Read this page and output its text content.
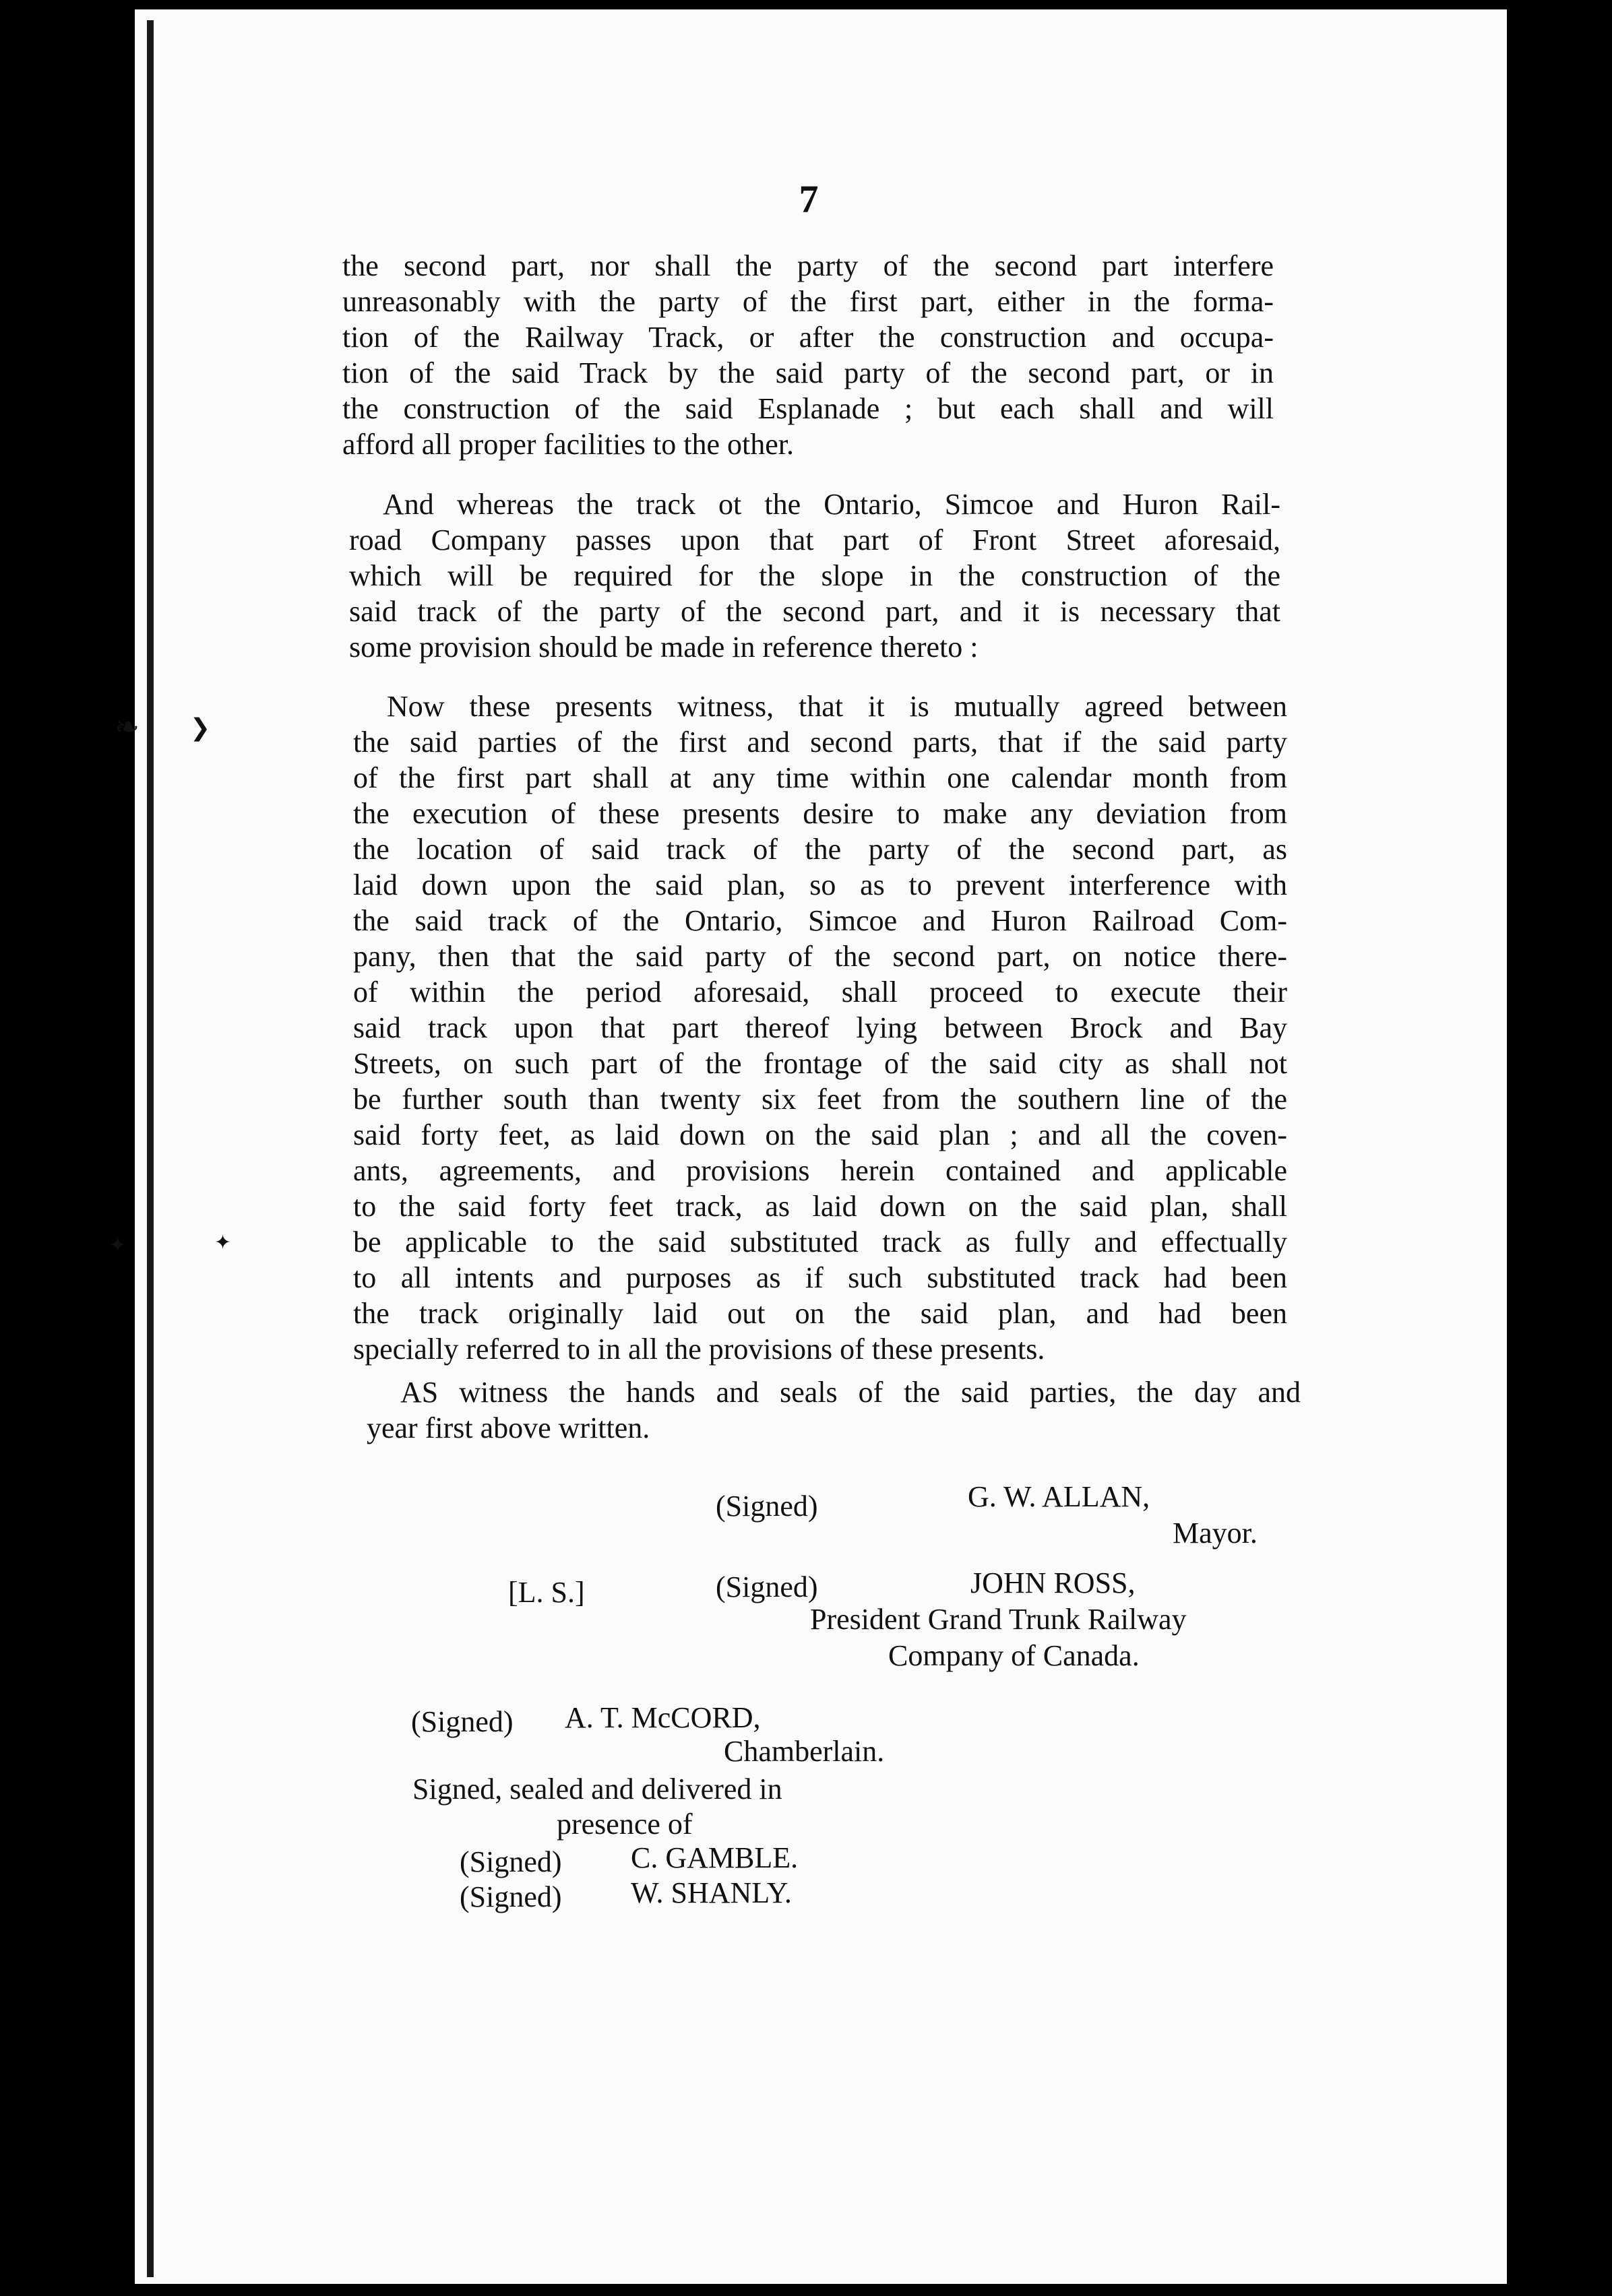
❧ ❯
✦	✦
7
the second part, nor shall the party of the second part interfere
unreasonably with the party of the first part, either in the forma-
tion of the Railway Track, or after the construction and occupa-
tion of the said Track by the said party of the second part, or in
the construction of the said Esplanade ; but each shall and will
afford all proper facilities to the other.
And whereas the track ot the Ontario, Simcoe and Huron Rail-
road Company passes upon that part of Front Street aforesaid,
which will be required for the slope in the construction of the
said track of the party of the second part, and it is necessary that
some provision should be made in reference thereto :
Now these presents witness, that it is mutually agreed between
the said parties of the first and second parts, that if the said party
of the first part shall at any time within one calendar month from
the execution of these presents desire to make any deviation from
the location of said track of the party of the second part, as
laid down upon the said plan, so as to prevent interference with
the said track of the Ontario, Simcoe and Huron Railroad Com-
pany, then that the said party of the second part, on notice there-
of within the period aforesaid, shall proceed to execute their
said track upon that part thereof lying between Brock and Bay
Streets, on such part of the frontage of the said city as shall not
be further south than twenty six feet from the southern line of the
said forty feet, as laid down on the said plan ; and all the coven-
ants, agreements, and provisions herein contained and applicable
to the said forty feet track, as laid down on the said plan, shall
be applicable to the said substituted track as fully and effectually
to all intents and purposes as if such substituted track had been
the track originally laid out on the said plan, and had been
specially referred to in all the provisions of these presents.
AS witness the hands and seals of the said parties, the day and
year first above written.
(Signed)	G. W. ALLAN,
Mayor.
[L. S.]	(Signed)	JOHN ROSS,
President Grand Trunk Railway
Company of Canada.
(Signed) A. T. McCORD,
Chamberlain.
Signed, sealed and delivered in
presence of
(Signed) C. GAMBLE.
(Signed) W. SHANLY.
